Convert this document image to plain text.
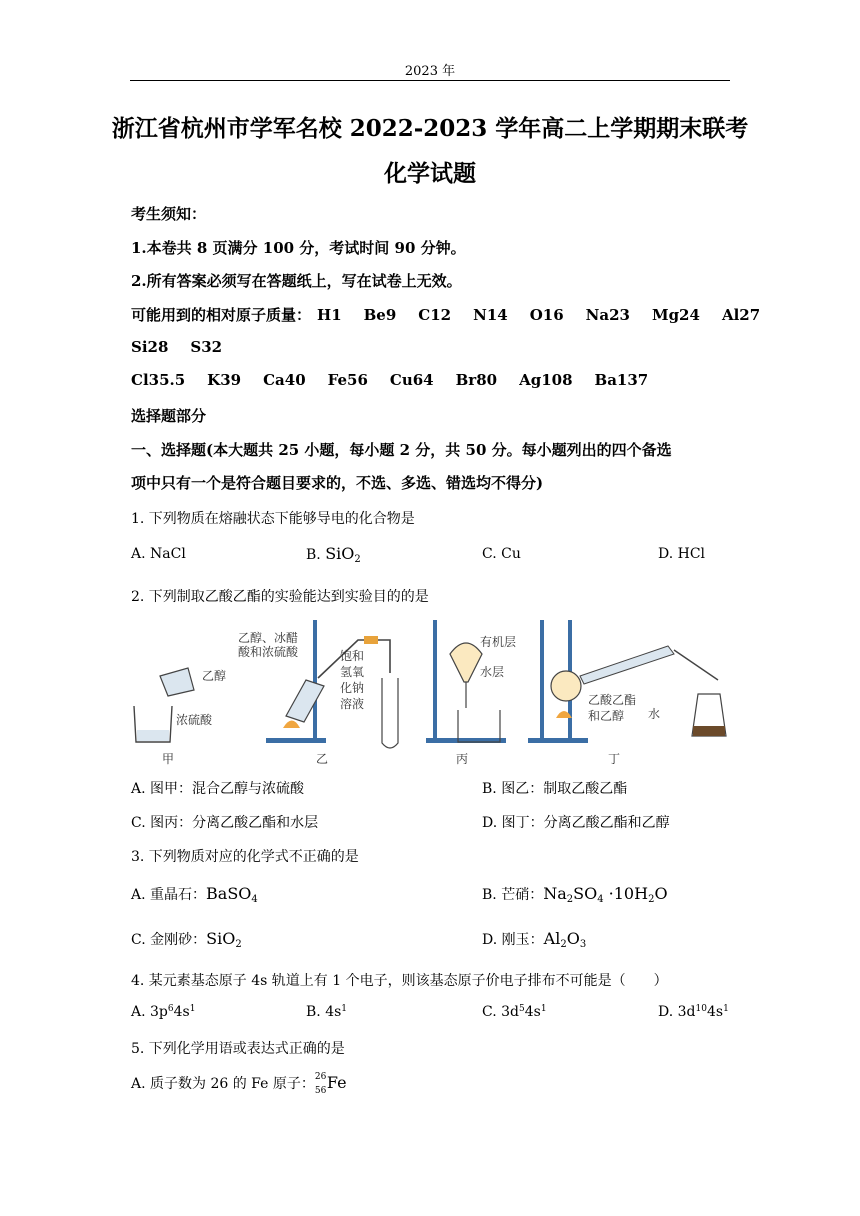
2023 年
浙江省杭州市学军名校 2022-2023 学年高二上学期期末联考
化学试题
考生须知：
1.本卷共 8 页满分 100 分，考试时间 90 分钟。
2.所有答案必须写在答题纸上，写在试卷上无效。
可能用到的相对原子质量： H1 Be9 C12 N14 O16 Na23 Mg24 Al27
Si28 S32
Cl35.5 K39 Ca40 Fe56 Cu64 Br80 Ag108 Ba137
选择题部分
一、选择题(本大题共 25 小题，每小题 2 分，共 50 分。每小题列出的四个备选
项中只有一个是符合题目要求的，不选、多选、错选均不得分)
1. 下列物质在熔融状态下能够导电的化合物是
A. NaCl	B. SiO$_2$	C. Cu	D. HCl
2. 下列制取乙酸乙酯的实验能达到实验目的的是
乙醇
浓硫酸
甲
乙醇、冰醋
酸和浓硫酸	饱和
氢氧
化钠
溶液
乙
有机层
水层
丙
乙酸乙酯
和乙醇 水
丁
A. 图甲：混合乙醇与浓硫酸	B. 图乙：制取乙酸乙酯
C. 图丙：分离乙酸乙酯和水层	D. 图丁：分离乙酸乙酯和乙醇
3. 下列物质对应的化学式不正确的是
A. 重晶石：BaSO$_4$	B. 芒硝：$Na_2SO_4 \cdot 10H_2O$
C. 金刚砂：SiO$_2$	D. 刚玉：$Al_2O_3$
4. 某元素基态原子 4s 轨道上有 1 个电子，则该基态原子价电子排布不可能是（　　）
A. $3p^64s^1$	B. $4s^1$	C. $3d^54s^1$	D. $3d^{10}4s^1$
5. 下列化学用语或表达式正确的是
A. 质子数为 26 的 Fe 原子： 26
56 Fe
